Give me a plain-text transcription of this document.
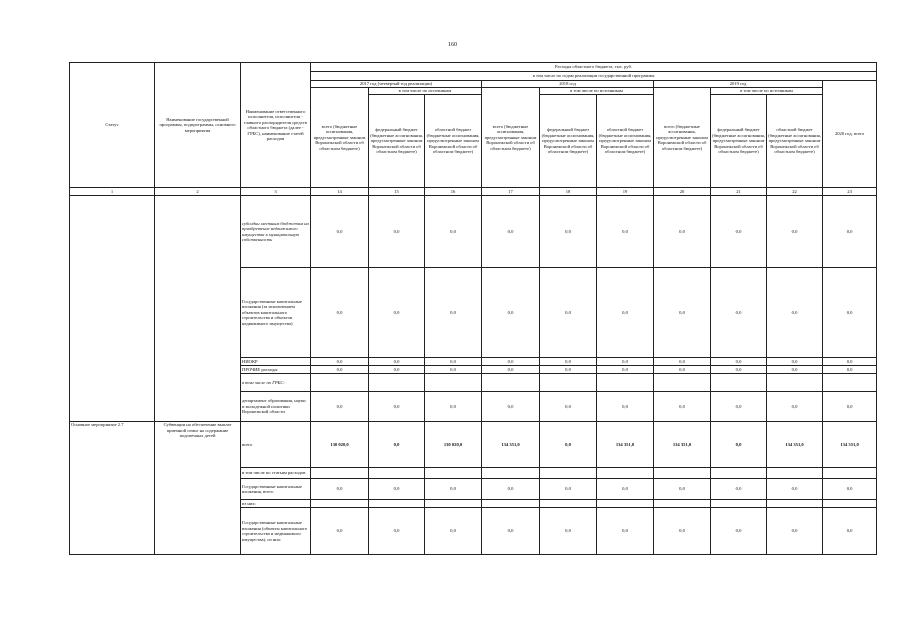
160
Статус	Наименование государственной программы, подпрограммы, основного мероприятия	Наименование ответственного исполнителя, исполнителя - главного распорядителя средств областного бюджета (далее - ГРБС), наименование статей расходов	Расходы областного бюджета, тыс. руб.									
			в том числе по годам реализации государственной программы									
			2017 год (четвертый год реализации)			2018 год			2019 год			2020 год, всего
			всего (бюджетные ассигнования, предусмотренные законом Воронежской области об областном бюджете)	в том числе по источникам		всего (бюджетные ассигнования, предусмотренные законом Воронежской области об областном бюджете)	в том числе по источникам		всего (бюджетные ассигнования, предусмотренные законом Воронежской области об областном бюджете)	в том числе по источникам		
				федеральный бюджет (бюджетные ассигнования, предусмотренные законом Воронежской области об областном бюджете)	областной бюджет (бюджетные ассигнования, предусмотренные законом Воронежской области об областном бюджете)		федеральный бюджет (бюджетные ассигнования, предусмотренные законом Воронежской области об областном бюджете)	областной бюджет (бюджетные ассигнования, предусмотренные законом Воронежской области об областном бюджете)		федеральный бюджет (бюджетные ассигнования, предусмотренные законом Воронежской области об областном бюджете)	областной бюджет (бюджетные ассигнования, предусмотренные законом Воронежской области об областном бюджете)	
1	2	3	14	15	16	17	18	19	20	21	22	23
		субсидии местным бюджетам на приобретение недвижимого имущества в муниципальную собственность	0,0	0,0	0,0	0,0	0,0	0,0	0,0	0,0	0,0	0,0
		Государственные капитальные вложения (за исключением объектов капитального строительства и объектов недвижимого имущества)	0,0	0,0	0,0	0,0	0,0	0,0	0,0	0,0	0,0	0,0
		НИОКР	0,0	0,0	0,0	0,0	0,0	0,0	0,0	0,0	0,0	0,0
		ПРОЧИЕ расходы	0,0	0,0	0,0	0,0	0,0	0,0	0,0	0,0	0,0	0,0
		в том числе по ГРБС:										
		департамент образования, науки и молодежной политики Воронежской области	0,0	0,0	0,0	0,0	0,0	0,0	0,0	0,0	0,0	0,0
Основное мероприятие 2.7	Субвенции на обеспечение выплат приемной семье на содержание подопечных детей	всего	130 020,0	0,0	130 020,0	134 351,0	0,0	134 351,0	134 351,0	0,0	134 351,0	134 351,0
		в том числе по статьям расходов										
		Государственные капитальные вложения, всего	0,0	0,0	0,0	0,0	0,0	0,0	0,0	0,0	0,0	0,0
		из них:										
		Государственные капитальные вложения (объекты капитального строительства и недвижимого имущества), из них:	0,0	0,0	0,0	0,0	0,0	0,0	0,0	0,0	0,0	0,0
